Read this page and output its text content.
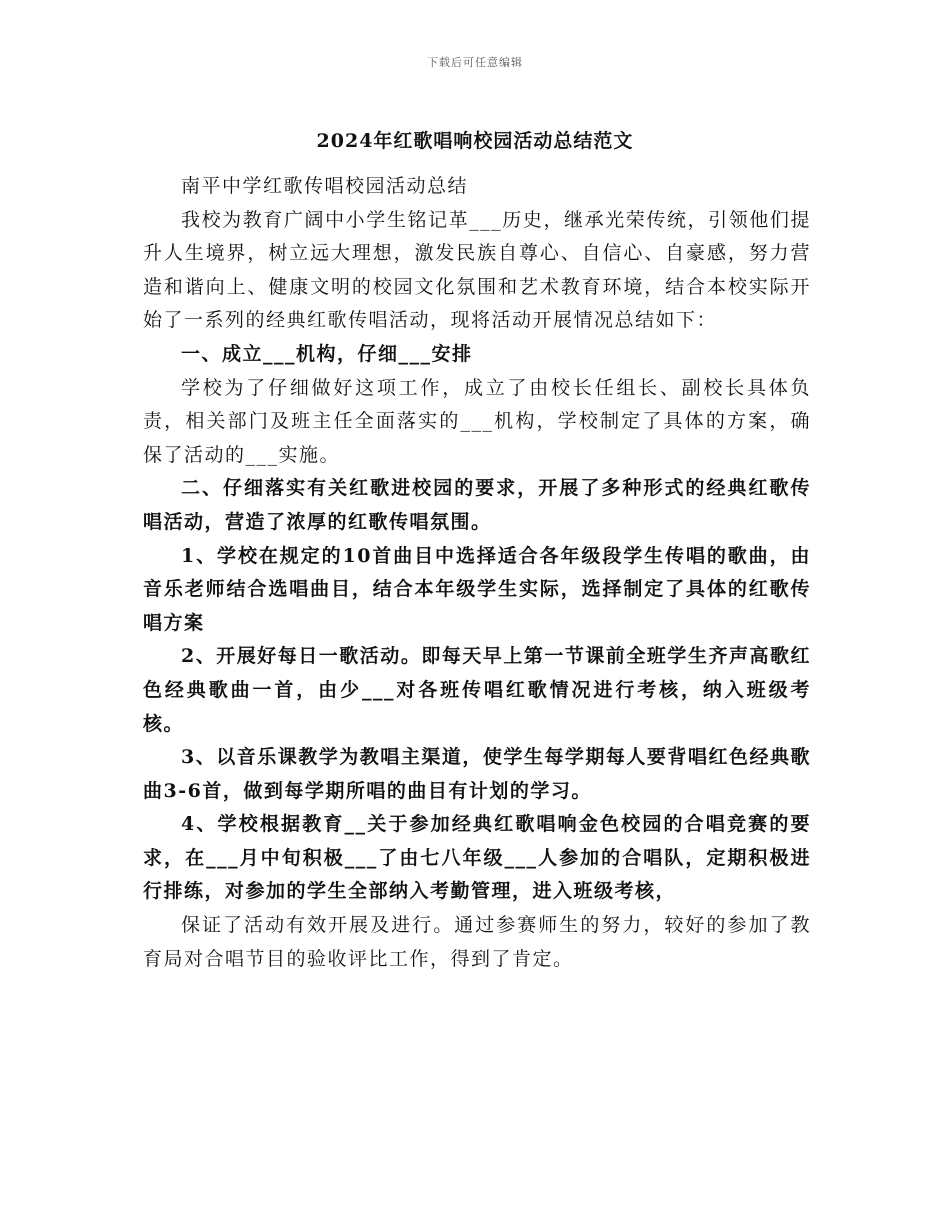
下载后可任意编辑
2024年红歌唱响校园活动总结范文

南平中学红歌传唱校园活动总结

我校为教育广阔中小学生铭记革___历史，继承光荣传统，引领他们提升人生境界，树立远大理想，激发民族自尊心、自信心、自豪感，努力营造和谐向上、健康文明的校园文化氛围和艺术教育环境，结合本校实际开始了一系列的经典红歌传唱活动，现将活动开展情况总结如下：

一、成立___机构，仔细___安排

学校为了仔细做好这项工作，成立了由校长任组长、副校长具体负责，相关部门及班主任全面落实的___机构，学校制定了具体的方案，确保了活动的___实施。

二、仔细落实有关红歌进校园的要求，开展了多种形式的经典红歌传唱活动，营造了浓厚的红歌传唱氛围。

1、学校在规定的10首曲目中选择适合各年级段学生传唱的歌曲，由音乐老师结合选唱曲目，结合本年级学生实际，选择制定了具体的红歌传唱方案

2、开展好每日一歌活动。即每天早上第一节课前全班学生齐声高歌红色经典歌曲一首，由少___对各班传唱红歌情况进行考核，纳入班级考核。

3、以音乐课教学为教唱主渠道，使学生每学期每人要背唱红色经典歌曲3-6首，做到每学期所唱的曲目有计划的学习。

4、学校根据教育__关于参加经典红歌唱响金色校园的合唱竞赛的要求，在___月中旬积极___了由七八年级___人参加的合唱队，定期积极进行排练，对参加的学生全部纳入考勤管理，进入班级考核，

保证了活动有效开展及进行。通过参赛师生的努力，较好的参加了教育局对合唱节目的验收评比工作，得到了肯定。
